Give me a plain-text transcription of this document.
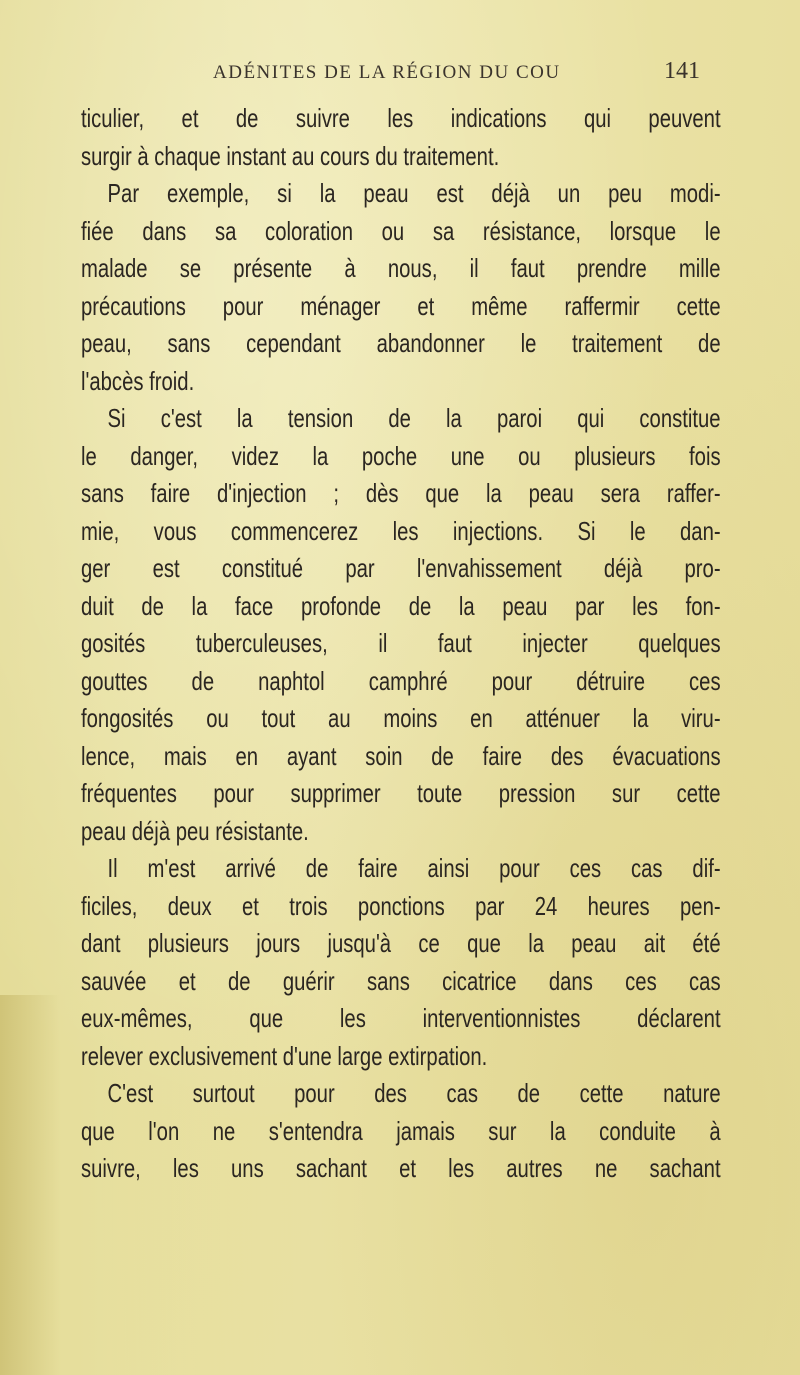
ADÉNITES DE LA RÉGION DU COU	141
ticulier, et de suivre les indications qui peuvent
surgir à chaque instant au cours du traitement.
Par exemple, si la peau est déjà un peu modi-
fiée dans sa coloration ou sa résistance, lorsque le
malade se présente à nous, il faut prendre mille
précautions pour ménager et même raffermir cette
peau, sans cependant abandonner le traitement de
l'abcès froid.
Si c'est la tension de la paroi qui constitue
le danger, videz la poche une ou plusieurs fois
sans faire d'injection ; dès que la peau sera raffer-
mie, vous commencerez les injections. Si le dan-
ger est constitué par l'envahissement déjà pro-
duit de la face profonde de la peau par les fon-
gosités tuberculeuses, il faut injecter quelques
gouttes de naphtol camphré pour détruire ces
fongosités ou tout au moins en atténuer la viru-
lence, mais en ayant soin de faire des évacuations
fréquentes pour supprimer toute pression sur cette
peau déjà peu résistante.
Il m'est arrivé de faire ainsi pour ces cas dif-
ficiles, deux et trois ponctions par 24 heures pen-
dant plusieurs jours jusqu'à ce que la peau ait été
sauvée et de guérir sans cicatrice dans ces cas
eux-mêmes, que les interventionnistes déclarent
relever exclusivement d'une large extirpation.
C'est surtout pour des cas de cette nature
que l'on ne s'entendra jamais sur la conduite à
suivre, les uns sachant et les autres ne sachant
